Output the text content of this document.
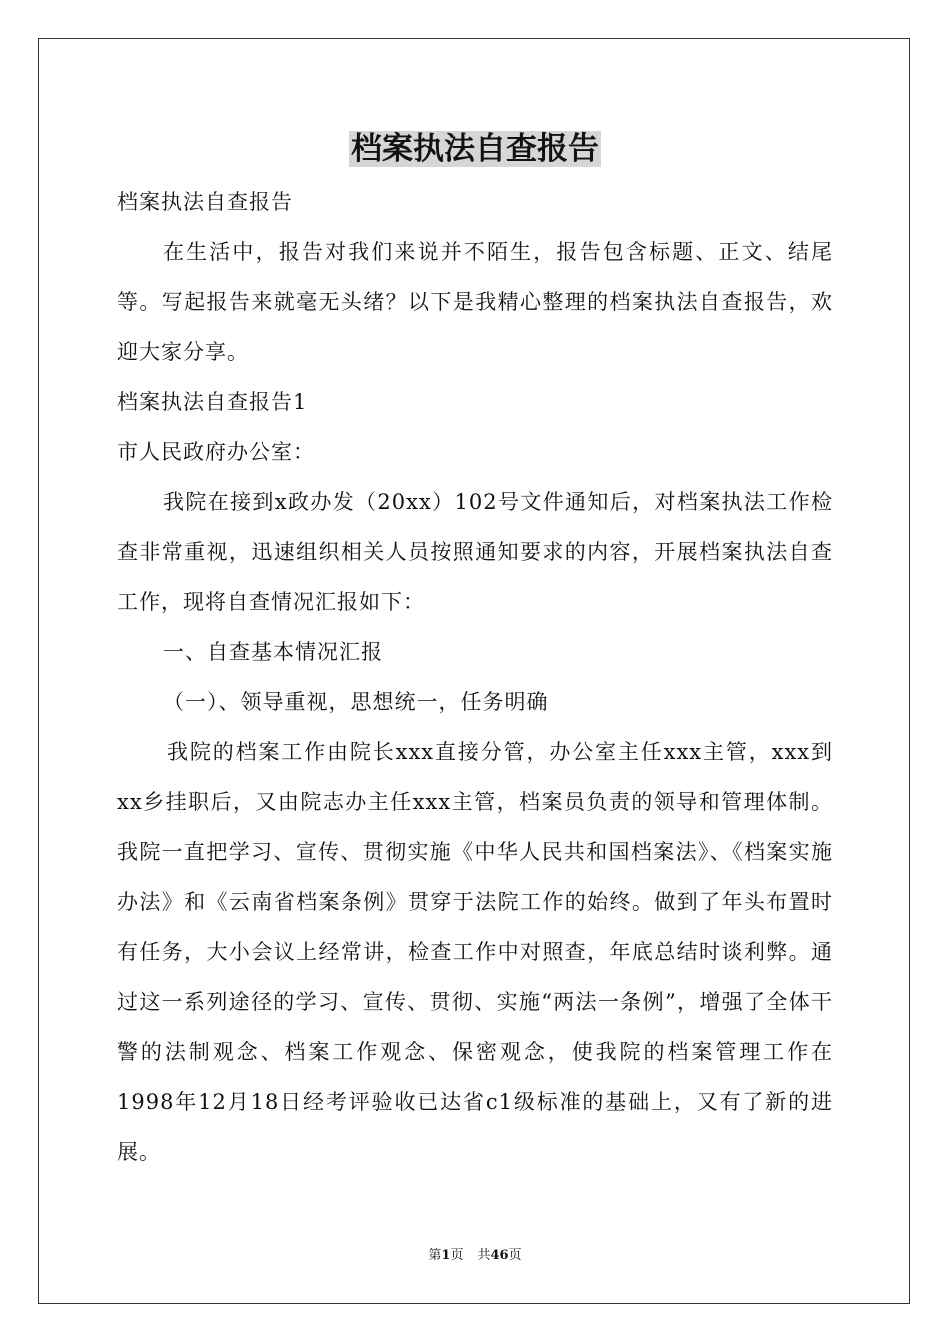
档案执法自查报告

档案执法自查报告

在生活中，报告对我们来说并不陌生，报告包含标题、正文、结尾等。写起报告来就毫无头绪？以下是我精心整理的档案执法自查报告，欢迎大家分享。

档案执法自查报告1

市人民政府办公室：

我院在接到x政办发（20xx）102号文件通知后，对档案执法工作检查非常重视，迅速组织相关人员按照通知要求的内容，开展档案执法自查工作，现将自查情况汇报如下：

一、自查基本情况汇报

（一）、领导重视，思想统一，任务明确

我院的档案工作由院长xxx直接分管，办公室主任xxx主管，xxx到xx乡挂职后，又由院志办主任xxx主管，档案员负责的领导和管理体制。我院一直把学习、宣传、贯彻实施《中华人民共和国档案法》、《档案实施办法》和《云南省档案条例》贯穿于法院工作的始终。做到了年头布置时有任务，大小会议上经常讲，检查工作中对照查，年底总结时谈利弊。通过这一系列途径的学习、宣传、贯彻、实施“两法一条例”，增强了全体干警的法制观念、档案工作观念、保密观念，使我院的档案管理工作在1998年12月18日经考评验收已达省c1级标准的基础上，又有了新的进展。

第1页 共46页
